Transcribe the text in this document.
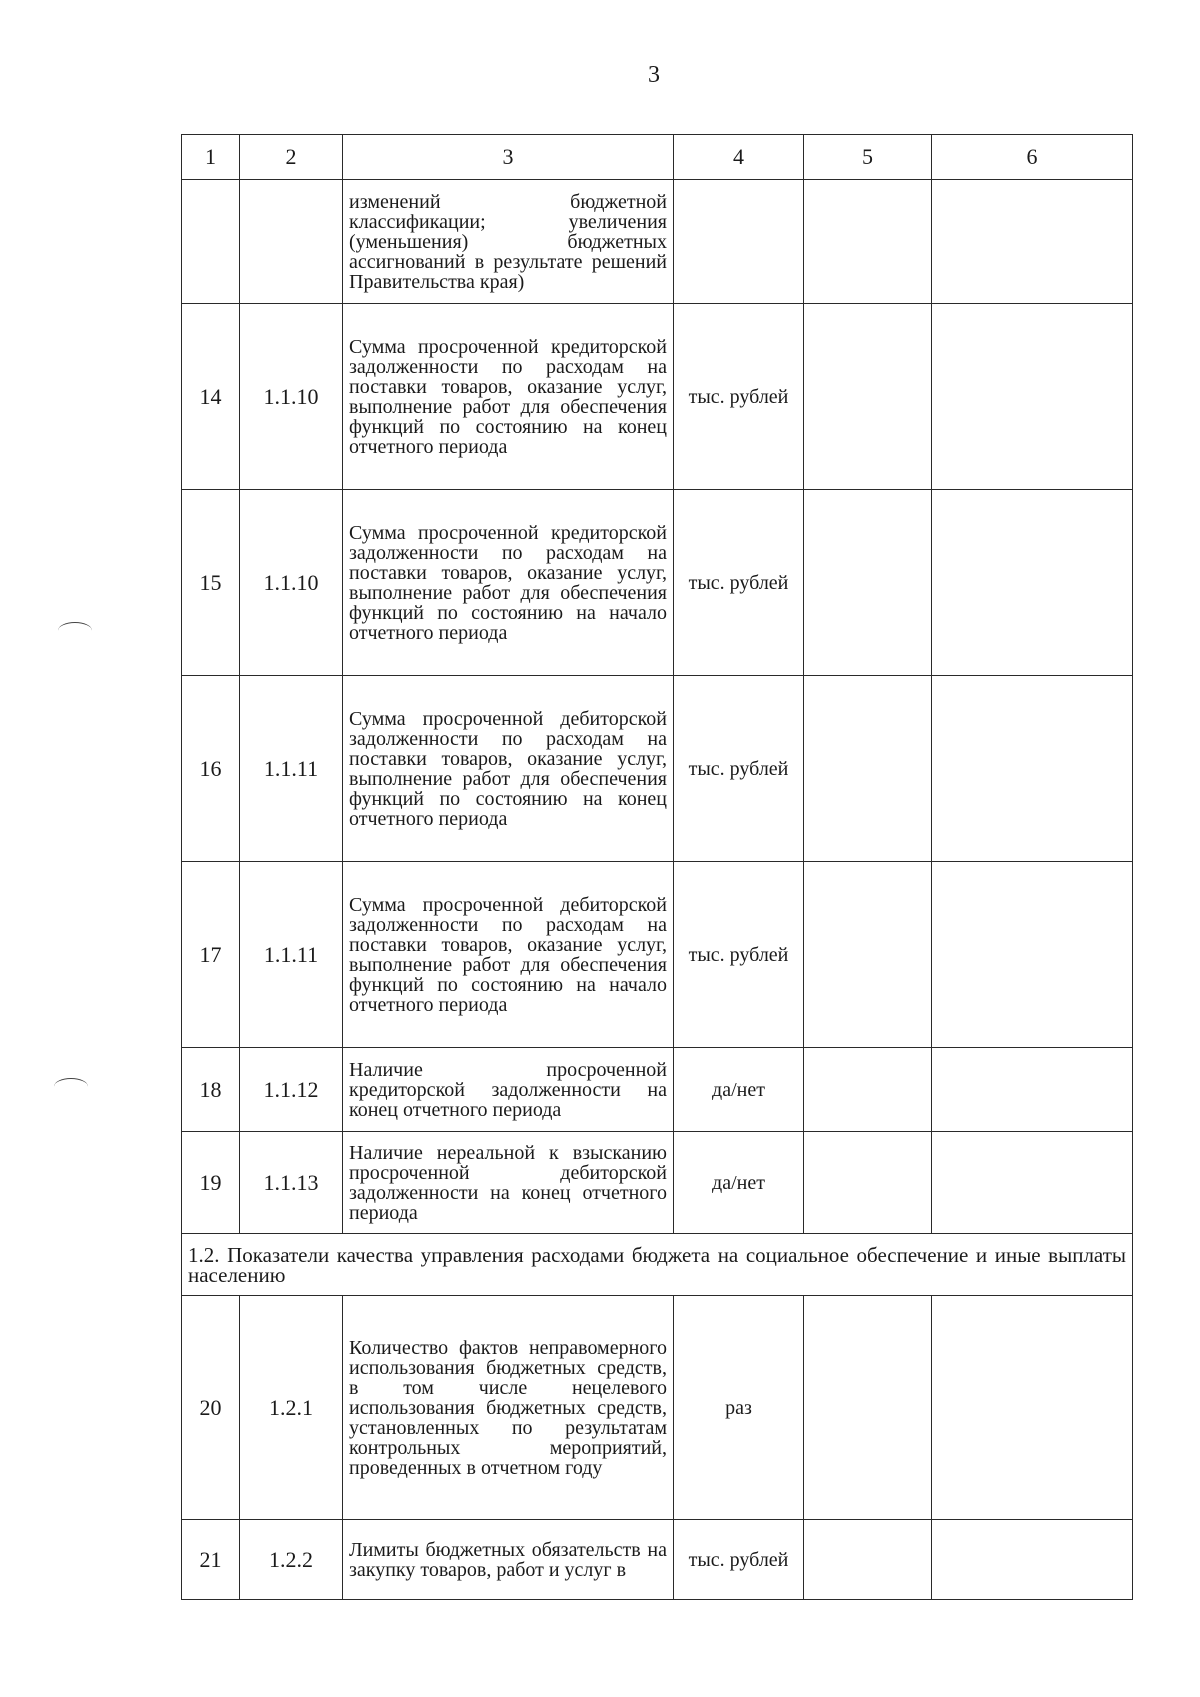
3
1	2	3	4	5	6
		изменений бюджетной классификации; увеличения (уменьшения) бюджетных ассигнований в результате решений Правительства края)			
14	1.1.10	Сумма просроченной кредиторской задолженности по расходам на поставки товаров, оказание услуг, выполнение работ для обеспечения функций по состоянию на конец отчетного периода	тыс. рублей		
15	1.1.10	Сумма просроченной кредиторской задолженности по расходам на поставки товаров, оказание услуг, выполнение работ для обеспечения функций по состоянию на начало отчетного периода	тыс. рублей		
16	1.1.11	Сумма просроченной дебиторской задолженности по расходам на поставки товаров, оказание услуг, выполнение работ для обеспечения функций по состоянию на конец отчетного периода	тыс. рублей		
17	1.1.11	Сумма просроченной дебиторской задолженности по расходам на поставки товаров, оказание услуг, выполнение работ для обеспечения функций по состоянию на начало отчетного периода	тыс. рублей		
18	1.1.12	Наличие просроченной кредиторской задолженности на конец отчетного периода	да/нет		
19	1.1.13	Наличие нереальной к взысканию просроченной дебиторской задолженности на конец отчетного периода	да/нет		
1.2. Показатели качества управления расходами бюджета на социальное обеспечение и иные выплаты населению					
20	1.2.1	Количество фактов неправомерного использования бюджетных средств, в том числе нецелевого использования бюджетных средств, установленных по результатам контрольных мероприятий, проведенных в отчетном году	раз		
21	1.2.2	Лимиты бюджетных обязательств на закупку товаров, работ и услуг в	тыс. рублей		
